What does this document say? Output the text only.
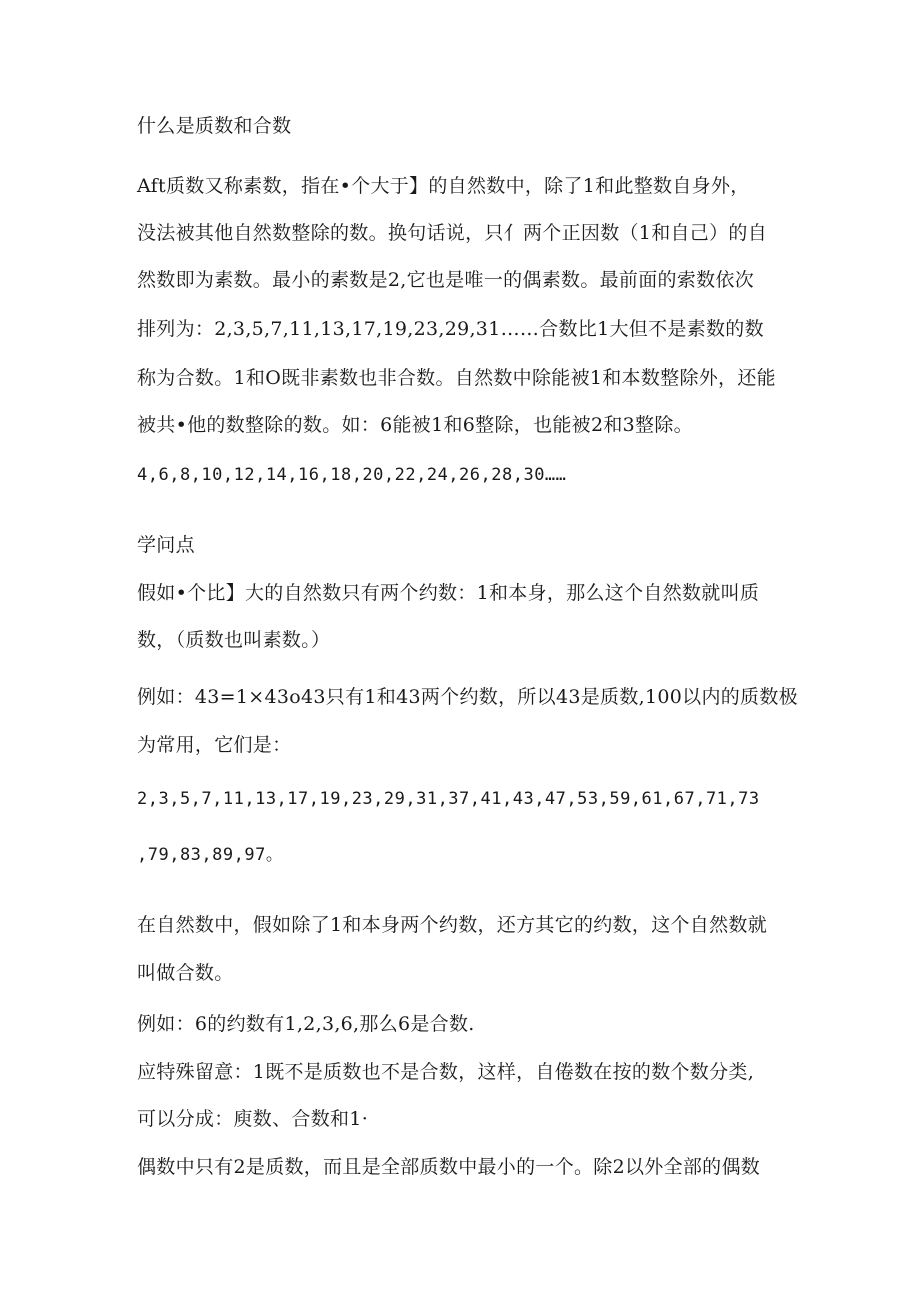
什么是质数和合数
Aft质数又称素数，指在•个大于】的自然数中，除了1和此整数自身外，
没法被其他自然数整除的数。换句话说，只亻两个正因数（1和自己）的自
然数即为素数。最小的素数是2,它也是唯一的偶素数。最前面的索数依次
排列为：2,3,5,7,11,13,17,19,23,29,31……合数比1大但不是素数的数
称为合数。1和O既非素数也非合数。自然数中除能被1和本数整除外，还能
被共•他的数整除的数。如：6能被1和6整除，也能被2和3整除。
4,6,8,10,12,14,16,18,20,22,24,26,28,30……
学问点
假如•个比】大的自然数只有两个约数：1和本身，那么这个自然数就叫质
数，（质数也叫素数。）
例如：43=1×43o43只有1和43两个约数，所以43是质数,100以内的质数极
为常用，它们是：
2,3,5,7,11,13,17,19,23,29,31,37,41,43,47,53,59,61,67,71,73
,79,83,89,97。
在自然数中，假如除了1和本身两个约数，还方其它的约数，这个自然数就
叫做合数。
例如：6的约数有1,2,3,6,那么6是合数.
应特殊留意：1既不是质数也不是合数，这样，自倦数在按的数个数分类,
可以分成：庾数、合数和1·
偶数中只有2是质数，而且是全部质数中最小的一个。除2以外全部的偶数
